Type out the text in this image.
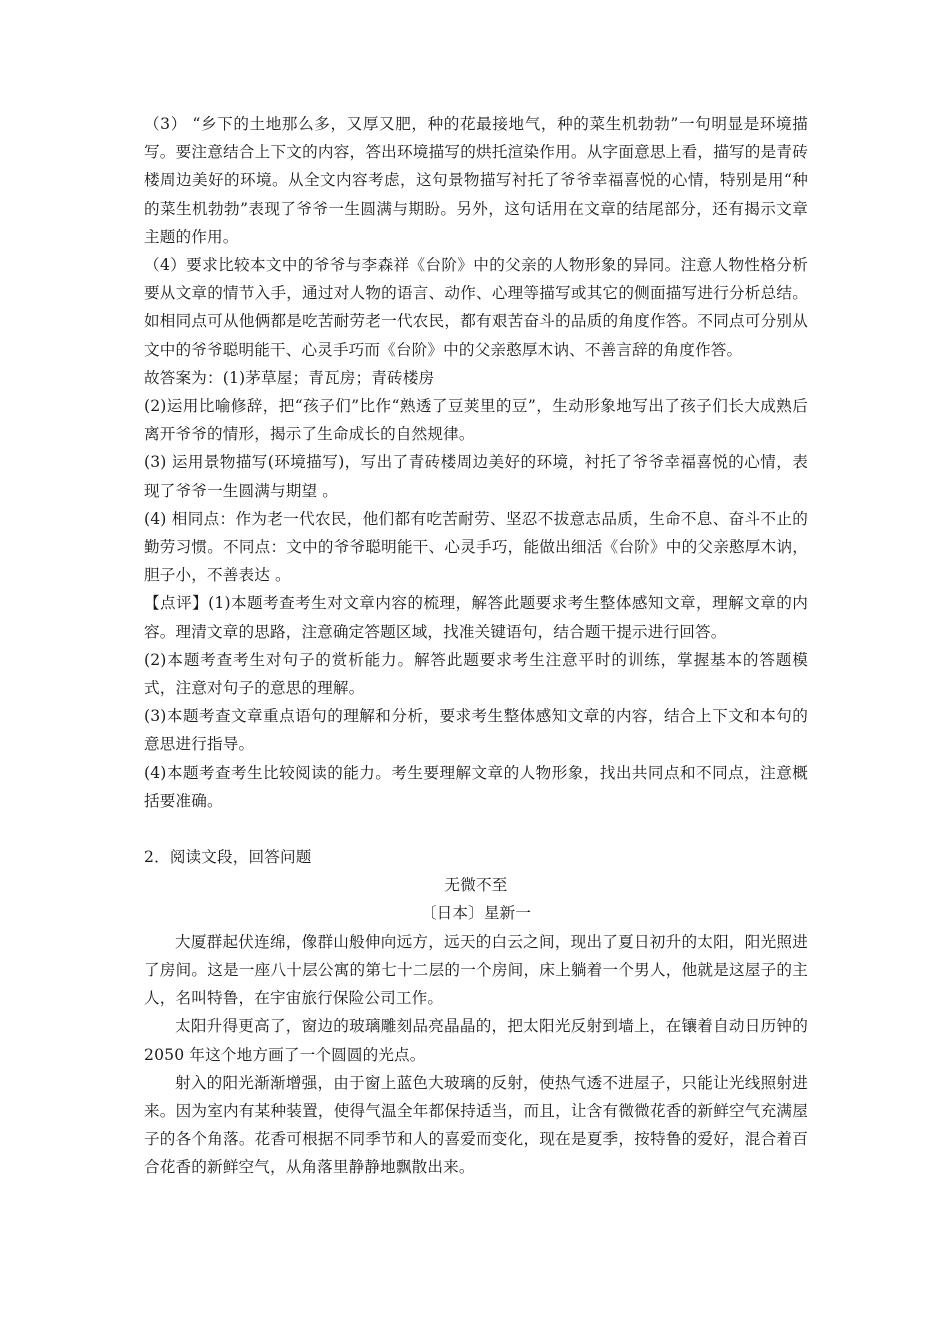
（3） “乡下的土地那么多，又厚又肥，种的花最接地气，种的菜生机勃勃”一句明显是环境描写。要注意结合上下文的内容，答出环境描写的烘托渲染作用。从字面意思上看，描写的是青砖楼周边美好的环境。从全文内容考虑，这句景物描写衬托了爷爷幸福喜悦的心情，特别是用“种的菜生机勃勃”表现了爷爷一生圆满与期盼。另外，这句话用在文章的结尾部分，还有揭示文章主题的作用。

（4）要求比较本文中的爷爷与李森祥《台阶》中的父亲的人物形象的异同。注意人物性格分析要从文章的情节入手，通过对人物的语言、动作、心理等描写或其它的侧面描写进行分析总结。如相同点可从他俩都是吃苦耐劳老一代农民，都有艰苦奋斗的品质的角度作答。不同点可分别从文中的爷爷聪明能干、心灵手巧而《台阶》中的父亲憨厚木讷、不善言辞的角度作答。

故答案为：(1)茅草屋；青瓦房；青砖楼房

(2)运用比喻修辞，把“孩子们”比作“熟透了豆荚里的豆”，生动形象地写出了孩子们长大成熟后离开爷爷的情形，揭示了生命成长的自然规律。

(3) 运用景物描写(环境描写)，写出了青砖楼周边美好的环境，衬托了爷爷幸福喜悦的心情，表现了爷爷一生圆满与期望 。

(4) 相同点：作为老一代农民，他们都有吃苦耐劳、坚忍不拔意志品质，生命不息、奋斗不止的勤劳习惯。不同点：文中的爷爷聪明能干、心灵手巧，能做出细活《台阶》中的父亲憨厚木讷，胆子小，不善表达 。

【点评】(1)本题考查考生对文章内容的梳理，解答此题要求考生整体感知文章，理解文章的内容。理清文章的思路，注意确定答题区域，找准关键语句，结合题干提示进行回答。

(2)本题考查考生对句子的赏析能力。解答此题要求考生注意平时的训练，掌握基本的答题模式，注意对句子的意思的理解。

(3)本题考查文章重点语句的理解和分析，要求考生整体感知文章的内容，结合上下文和本句的意思进行指导。

(4)本题考查考生比较阅读的能力。考生要理解文章的人物形象，找出共同点和不同点，注意概括要准确。

2．阅读文段，回答问题

无微不至

〔日本〕星新一

大厦群起伏连绵，像群山般伸向远方，远天的白云之间，现出了夏日初升的太阳，阳光照进了房间。这是一座八十层公寓的第七十二层的一个房间，床上躺着一个男人，他就是这屋子的主人，名叫特鲁，在宇宙旅行保险公司工作。

太阳升得更高了，窗边的玻璃雕刻品亮晶晶的，把太阳光反射到墙上，在镶着自动日历钟的 2050 年这个地方画了一个圆圆的光点。

射入的阳光渐渐增强，由于窗上蓝色大玻璃的反射，使热气透不进屋子，只能让光线照射进来。因为室内有某种装置，使得气温全年都保持适当，而且，让含有微微花香的新鲜空气充满屋子的各个角落。花香可根据不同季节和人的喜爱而变化，现在是夏季，按特鲁的爱好，混合着百合花香的新鲜空气，从角落里静静地飘散出来。
